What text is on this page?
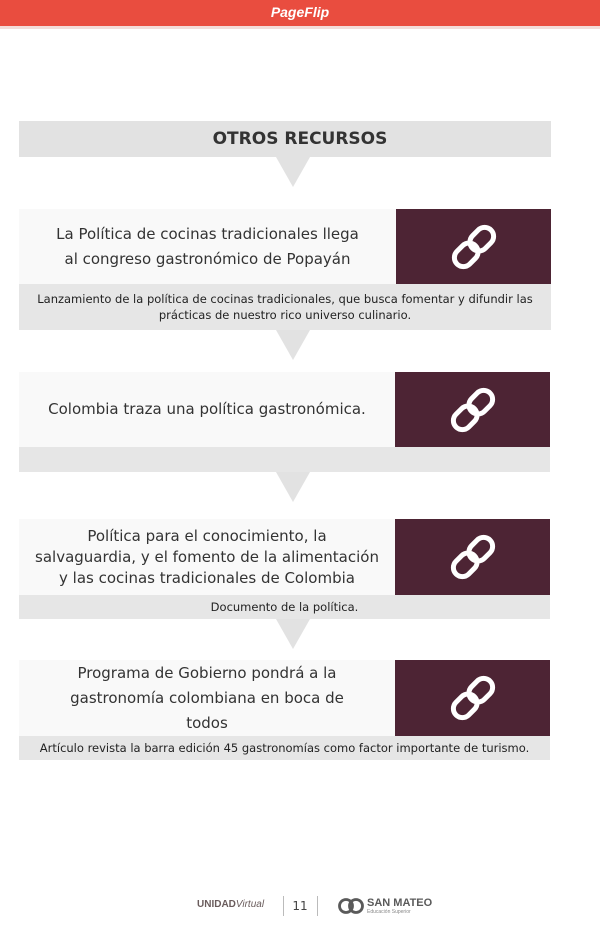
PageFlip
OTROS RECURSOS
La Política de cocinas tradicionales llega al congreso gastronómico de Popayán
Lanzamiento de la política de cocinas tradicionales, que busca fomentar y difundir las prácticas de nuestro rico universo culinario.
Colombia traza una política gastronómica.
Política para el conocimiento, la salvaguardia, y el fomento de la alimentación y las cocinas tradicionales de Colombia
Documento de la política.
Programa de Gobierno pondrá a la gastronomía colombiana en boca de todos
Artículo revista la barra edición 45 gastronomías como factor importante de turismo.
UNIDADVirtual	11	SAN MATEO
Educación Superior
